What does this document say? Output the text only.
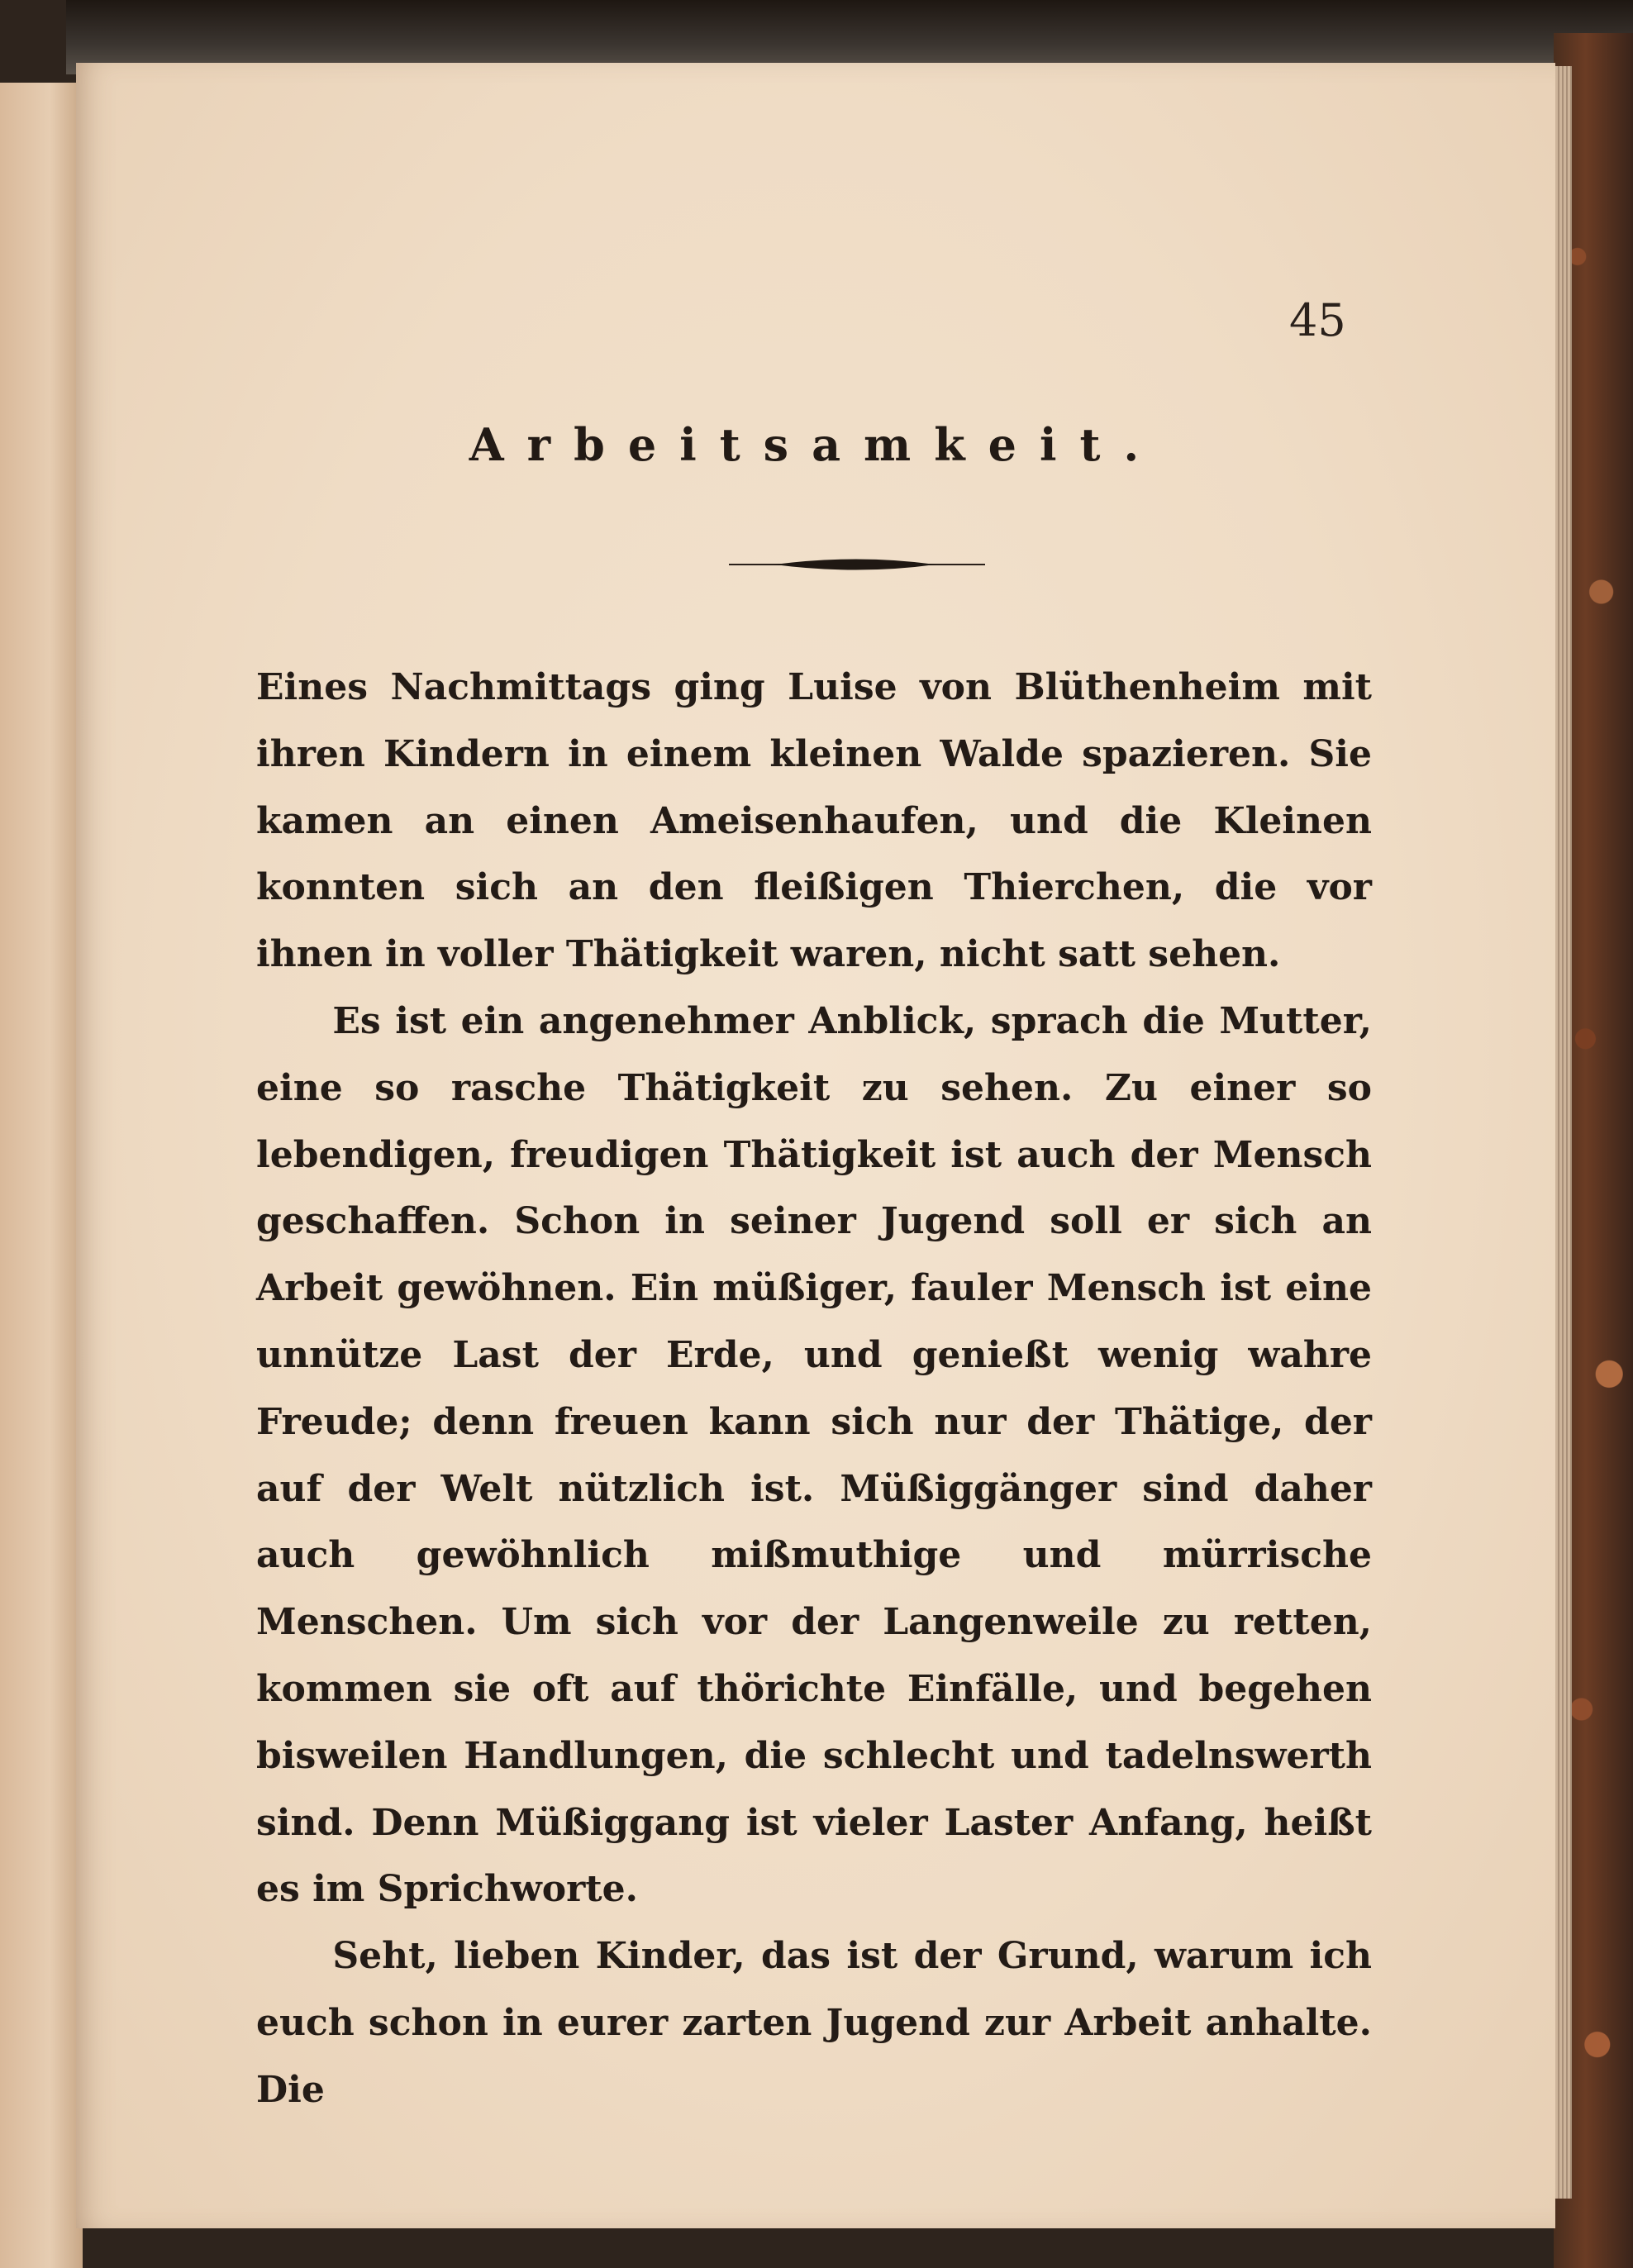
45
Arbeitsamkeit.

Eines Nachmittags ging Luise von Blüthenheim mit ihren Kindern in einem kleinen Walde spazieren. Sie kamen an einen Ameisenhaufen, und die Kleinen konnten sich an den fleißigen Thierchen, die vor ihnen in voller Thätigkeit waren, nicht satt sehen.

Es ist ein angenehmer Anblick, sprach die Mutter, eine so rasche Thätigkeit zu sehen. Zu einer so lebendigen, freudigen Thätigkeit ist auch der Mensch geschaffen. Schon in seiner Jugend soll er sich an Arbeit gewöhnen. Ein müßiger, fauler Mensch ist eine unnütze Last der Erde, und genießt wenig wahre Freude; denn freuen kann sich nur der Thätige, der auf der Welt nützlich ist. Müßiggänger sind daher auch gewöhnlich mißmuthige und mürrische Menschen. Um sich vor der Langenweile zu retten, kommen sie oft auf thörichte Einfälle, und begehen bisweilen Handlungen, die schlecht und tadelnswerth sind. Denn Müßiggang ist vieler Laster Anfang, heißt es im Sprichworte.

Seht, lieben Kinder, das ist der Grund, warum ich euch schon in eurer zarten Jugend zur Arbeit anhalte. Die
